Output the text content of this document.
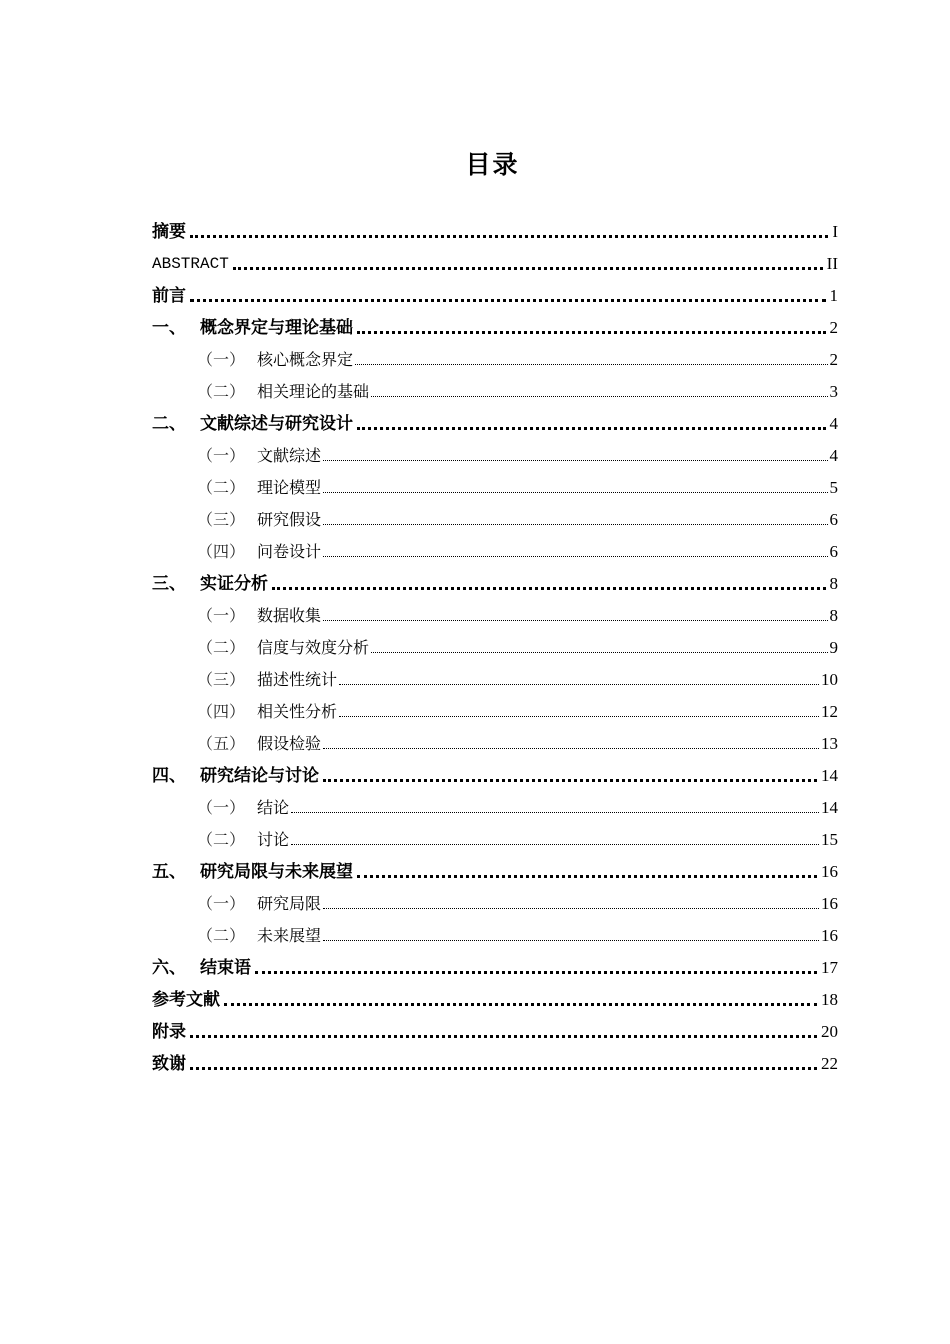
目录
摘要	I
ABSTRACT	II
前言	1
一、 概念界定与理论基础	2
（一） 核心概念界定	2
（二） 相关理论的基础	3
二、 文献综述与研究设计	4
（一） 文献综述	4
（二） 理论模型	5
（三） 研究假设	6
（四） 问卷设计	6
三、 实证分析	8
（一） 数据收集	8
（二） 信度与效度分析	9
（三） 描述性统计	10
（四） 相关性分析	12
（五） 假设检验	13
四、 研究结论与讨论	14
（一） 结论	14
（二） 讨论	15
五、 研究局限与未来展望	16
（一） 研究局限	16
（二） 未来展望	16
六、 结束语	17
参考文献	18
附录	20
致谢	22
